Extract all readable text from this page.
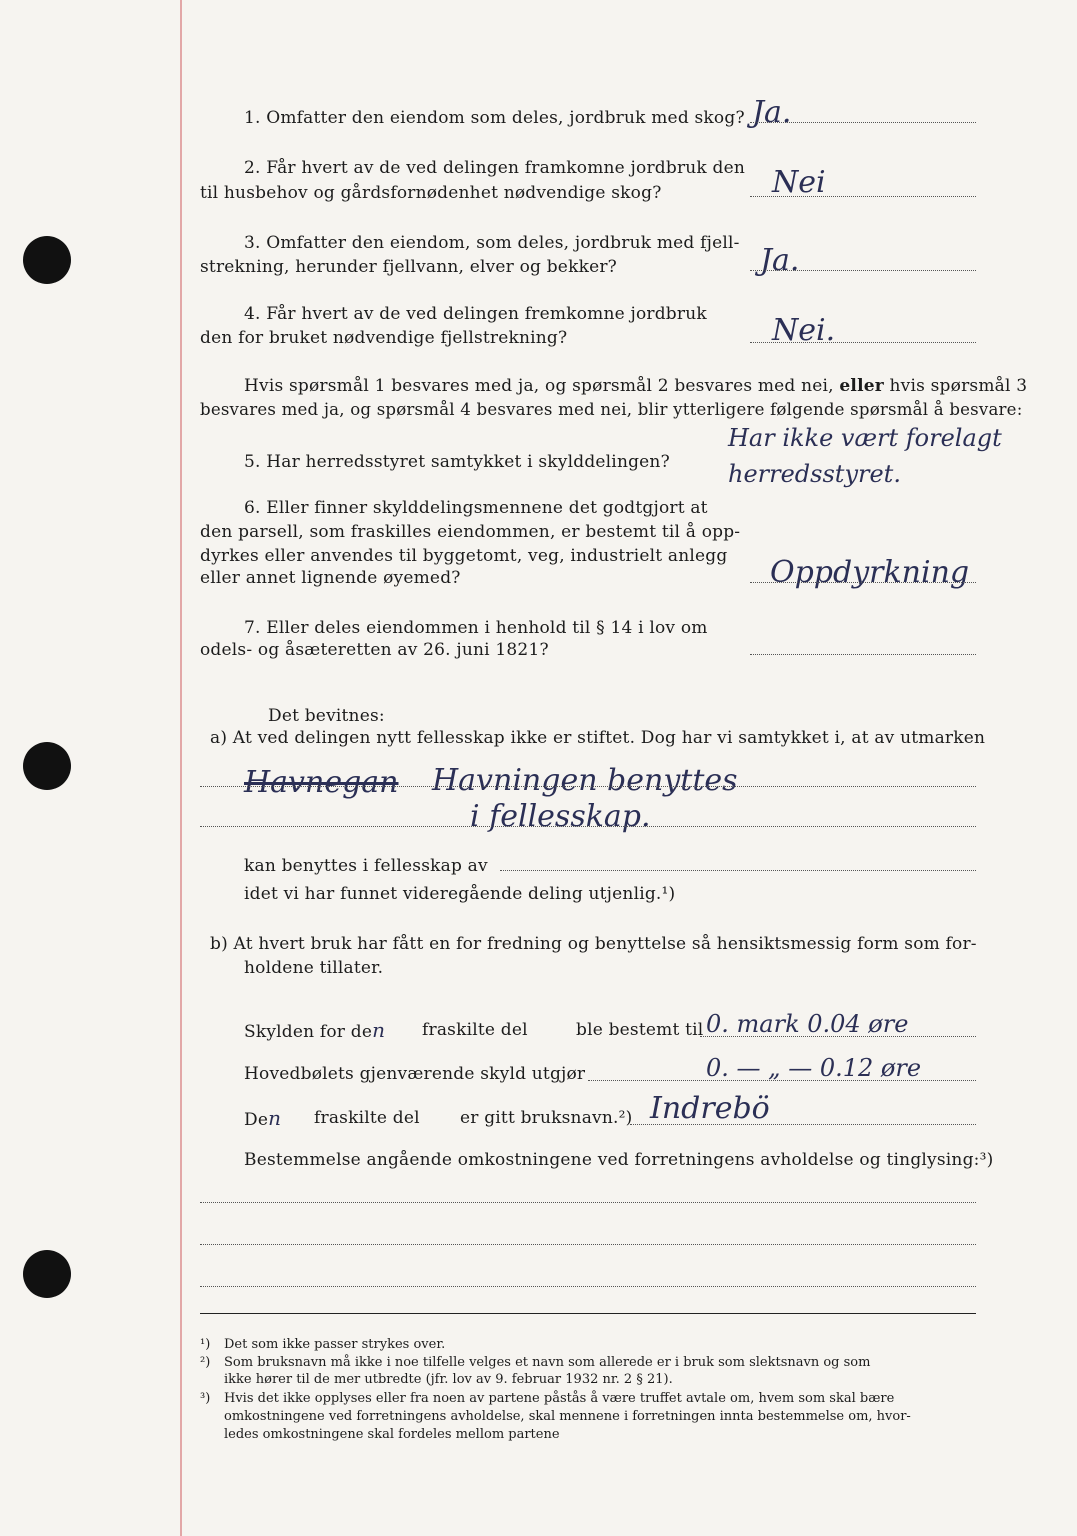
1. Omfatter den eiendom som deles, jordbruk med skog? Ja.
2. Får hvert av de ved delingen framkomne jordbruk den
til husbehov og gårdsfornødenhet nødvendige skog?	Nei
3. Omfatter den eiendom, som deles, jordbruk med fjell-
strekning, herunder fjellvann, elver og bekker?	Ja.
4. Får hvert av de ved delingen fremkomne jordbruk
den for bruket nødvendige fjellstrekning?	Nei.
Hvis spørsmål 1 besvares med ja, og spørsmål 2 besvares med nei, eller hvis spørsmål 3
besvares med ja, og spørsmål 4 besvares med nei, blir ytterligere følgende spørsmål å besvare:
5. Har herredsstyret samtykket i skylddelingen?
Har ikke vært forelagt
herredsstyret.
6. Eller finner skylddelingsmennene det godtgjort at
den parsell, som fraskilles eiendommen, er bestemt til å opp-
dyrkes eller anvendes til byggetomt, veg, industrielt anlegg
eller annet lignende øyemed?	Oppdyrkning
7. Eller deles eiendommen i henhold til § 14 i lov om
odels- og åsæteretten av 26. juni 1821?
Det bevitnes:
a) At ved delingen nytt fellesskap ikke er stiftet. Dog har vi samtykket i, at av utmarken
Havnegan Havningen benyttes
i fellesskap.
kan benyttes i fellesskap av
idet vi har funnet videregående deling utjenlig.¹)
b) At hvert bruk har fått en for fredning og benyttelse så hensiktsmessig form som for-
holdene tillater.
Skylden for den fraskilte del	ble bestemt til 0. mark 0.04 øre
Hovedbølets gjenværende skyld utgjør	0. — „ — 0.12 øre
Den fraskilte del er gitt bruksnavn.²) Indrebö
Bestemmelse angående omkostningene ved forretningens avholdelse og tinglysing:³)
¹) Det som ikke passer strykes over.
²) Som bruksnavn må ikke i noe tilfelle velges et navn som allerede er i bruk som slektsnavn og som
ikke hører til de mer utbredte (jfr. lov av 9. februar 1932 nr. 2 § 21).
³) Hvis det ikke opplyses eller fra noen av partene påstås å være truffet avtale om, hvem som skal bære
omkostningene ved forretningens avholdelse, skal mennene i forretningen innta bestemmelse om, hvor-
ledes omkostningene skal fordeles mellom partene
